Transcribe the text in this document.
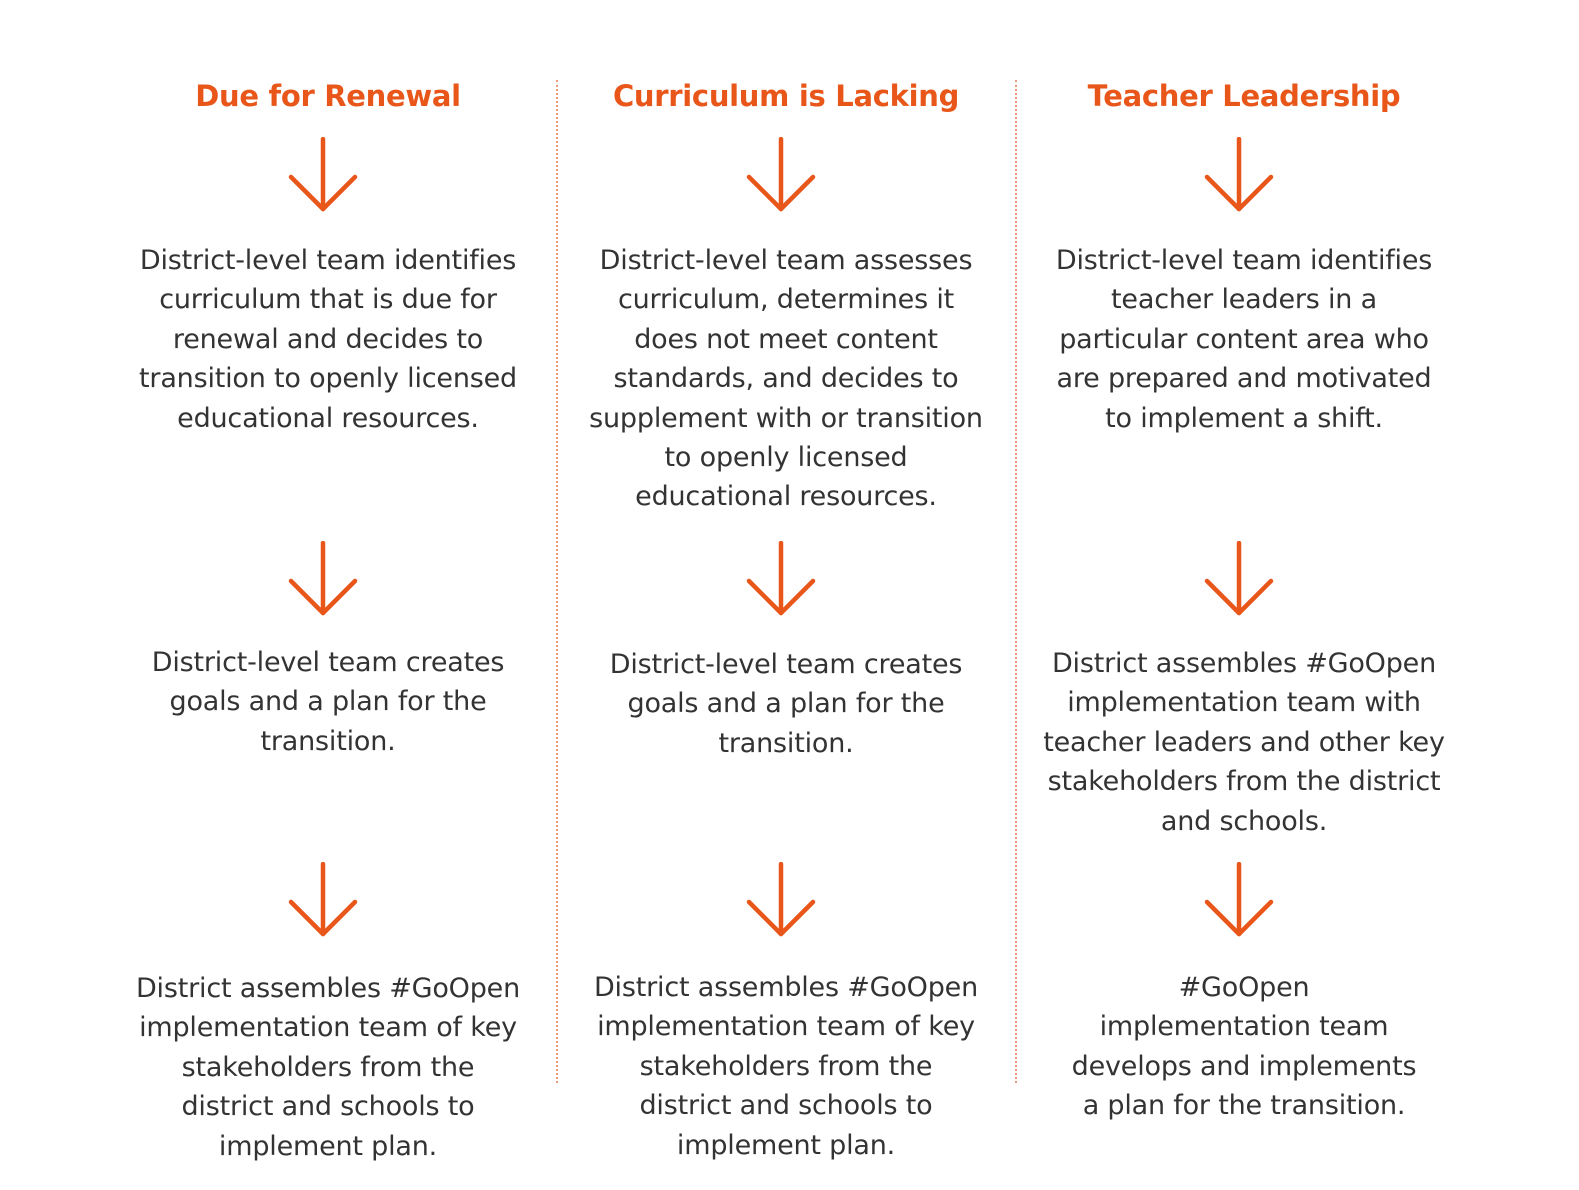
Due for Renewal
District-level team identifies
curriculum that is due for
renewal and decides to
transition to openly licensed
educational resources.
District-level team creates
goals and a plan for the
transition.
District assembles #GoOpen
implementation team of key
stakeholders from the
district and schools to
implement plan.
Curriculum is Lacking
District-level team assesses
curriculum, determines it
does not meet content
standards, and decides to
supplement with or transition
to openly licensed
educational resources.
District-level team creates
goals and a plan for the
transition.
District assembles #GoOpen
implementation team of key
stakeholders from the
district and schools to
implement plan.
Teacher Leadership
District-level team identifies
teacher leaders in a
particular content area who
are prepared and motivated
to implement a shift.
District assembles #GoOpen
implementation team with
teacher leaders and other key
stakeholders from the district
and schools.
#GoOpen
implementation team
develops and implements
a plan for the transition.
